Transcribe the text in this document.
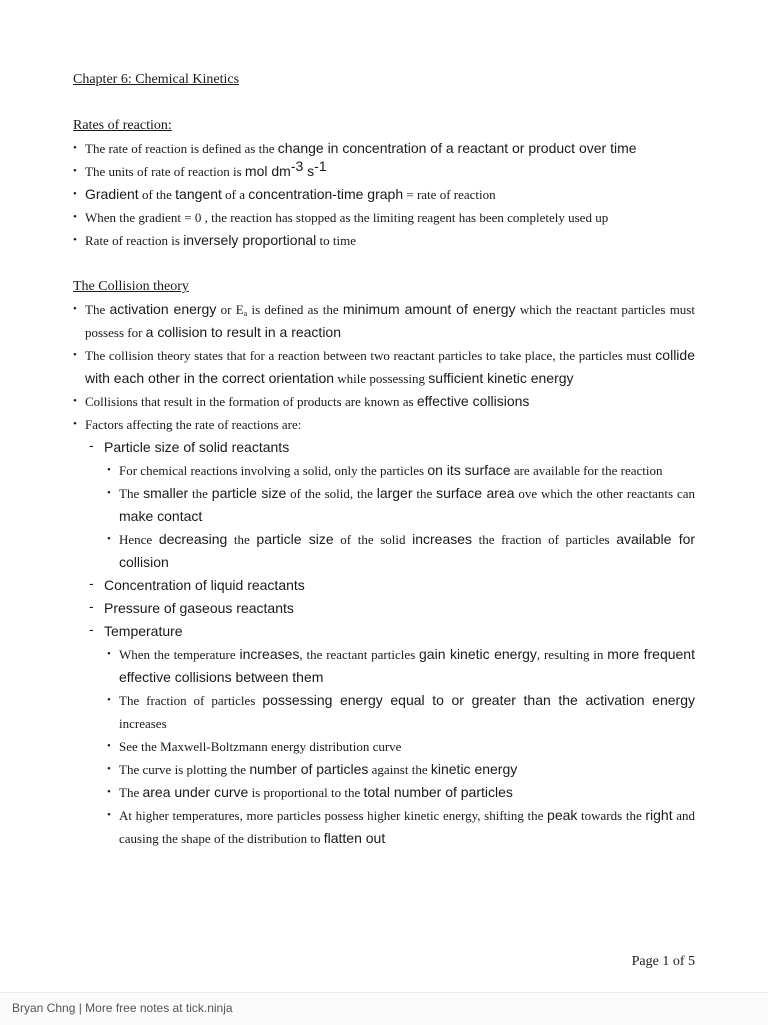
Chapter 6: Chemical Kinetics

Rates of reaction:

• The rate of reaction is defined as the change in concentration of a reactant or product over time
• The units of rate of reaction is mol $dm^{-3}$ $s^{-1}$
• Gradient of the tangent of a concentration-time graph = rate of reaction
• When the gradient = 0 , the reaction has stopped as the limiting reagent has been completely used up
• Rate of reaction is inversely proportional to time

The Collision theory

• The activation energy or $E_a$ is defined as the minimum amount of energy which the reactant particles must possess for a collision to result in a reaction
• The collision theory states that for a reaction between two reactant particles to take place, the particles must collide with each other in the correct orientation while possessing sufficient kinetic energy
• Collisions that result in the formation of products are known as effective collisions
• Factors affecting the rate of reactions are:
- Particle size of solid reactants
• For chemical reactions involving a solid, only the particles on its surface are available for the reaction
• The smaller the particle size of the solid, the larger the surface area ove which the other reactants can make contact
• Hence decreasing the particle size of the solid increases the fraction of particles available for collision
- Concentration of liquid reactants
- Pressure of gaseous reactants
- Temperature
• When the temperature increases, the reactant particles gain kinetic energy, resulting in more frequent effective collisions between them
• The fraction of particles possessing energy equal to or greater than the activation energy increases
• See the Maxwell-Boltzmann energy distribution curve
• The curve is plotting the number of particles against the kinetic energy
• The area under curve is proportional to the total number of particles
• At higher temperatures, more particles possess higher kinetic energy, shifting the peak towards the right and causing the shape of the distribution to flatten out
Page 1 of 5
Bryan Chng | More free notes at tick.ninja
